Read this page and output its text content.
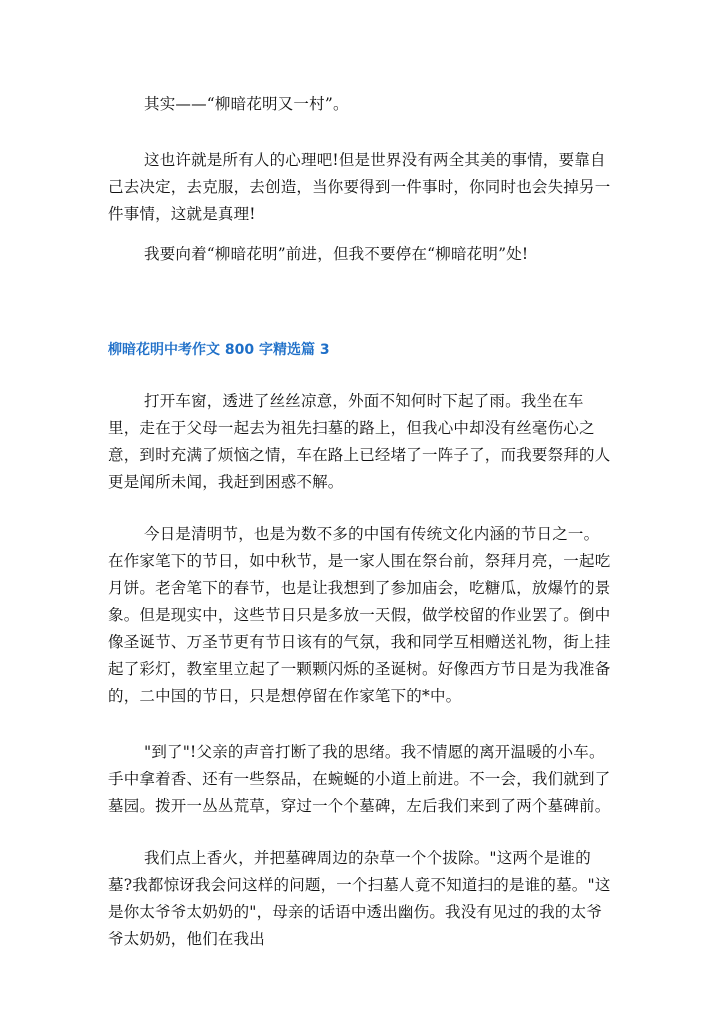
其实——“柳暗花明又一村”。

这也许就是所有人的心理吧!但是世界没有两全其美的事情，要靠自己去决定，去克服，去创造，当你要得到一件事时，你同时也会失掉另一件事情，这就是真理!

我要向着“柳暗花明”前进，但我不要停在“柳暗花明”处!

柳暗花明中考作文 800 字精选篇 3

打开车窗，透进了丝丝凉意，外面不知何时下起了雨。我坐在车里，走在于父母一起去为祖先扫墓的路上，但我心中却没有丝毫伤心之意，到时充满了烦恼之情，车在路上已经堵了一阵子了，而我要祭拜的人更是闻所未闻，我赶到困惑不解。

今日是清明节，也是为数不多的中国有传统文化内涵的节日之一。在作家笔下的节日，如中秋节，是一家人围在祭台前，祭拜月亮，一起吃月饼。老舍笔下的春节，也是让我想到了参加庙会，吃糖瓜，放爆竹的景象。但是现实中，这些节日只是多放一天假，做学校留的作业罢了。倒中像圣诞节、万圣节更有节日该有的气氛，我和同学互相赠送礼物，街上挂起了彩灯，教室里立起了一颗颗闪烁的圣诞树。好像西方节日是为我准备的，二中国的节日，只是想停留在作家笔下的*中。

"到了"!父亲的声音打断了我的思绪。我不情愿的离开温暖的小车。手中拿着香、还有一些祭品，在蜿蜒的小道上前进。不一会，我们就到了墓园。拨开一丛丛荒草，穿过一个个墓碑，左后我们来到了两个墓碑前。

我们点上香火，并把墓碑周边的杂草一个个拔除。"这两个是谁的墓?我都惊讶我会问这样的问题，一个扫墓人竟不知道扫的是谁的墓。"这是你太爷爷太奶奶的"，母亲的话语中透出幽伤。我没有见过的我的太爷爷太奶奶，他们在我出
